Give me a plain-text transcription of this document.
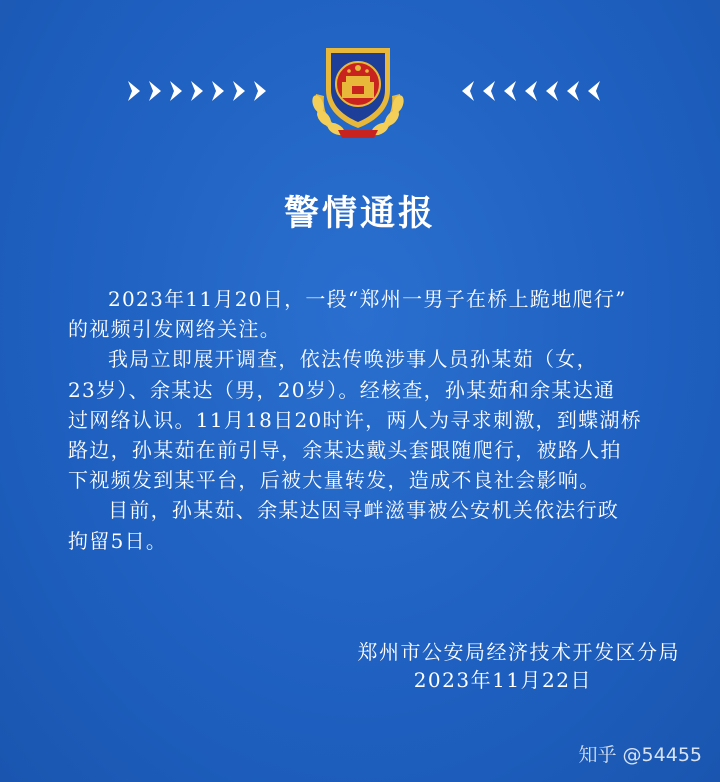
警情通报
2023年11月20日，一段“郑州一男子在桥上跪地爬行”
的视频引发网络关注。
我局立即展开调查，依法传唤涉事人员孙某茹（女，
23岁）、余某达（男，20岁）。经核查，孙某茹和余某达通
过网络认识。11月18日20时许，两人为寻求刺激，到蝶湖桥
路边，孙某茹在前引导，余某达戴头套跟随爬行，被路人拍
下视频发到某平台，后被大量转发，造成不良社会影响。
目前，孙某茹、余某达因寻衅滋事被公安机关依法行政
拘留5日。
郑州市公安局经济技术开发区分局
2023年11月22日
知乎 @54455
